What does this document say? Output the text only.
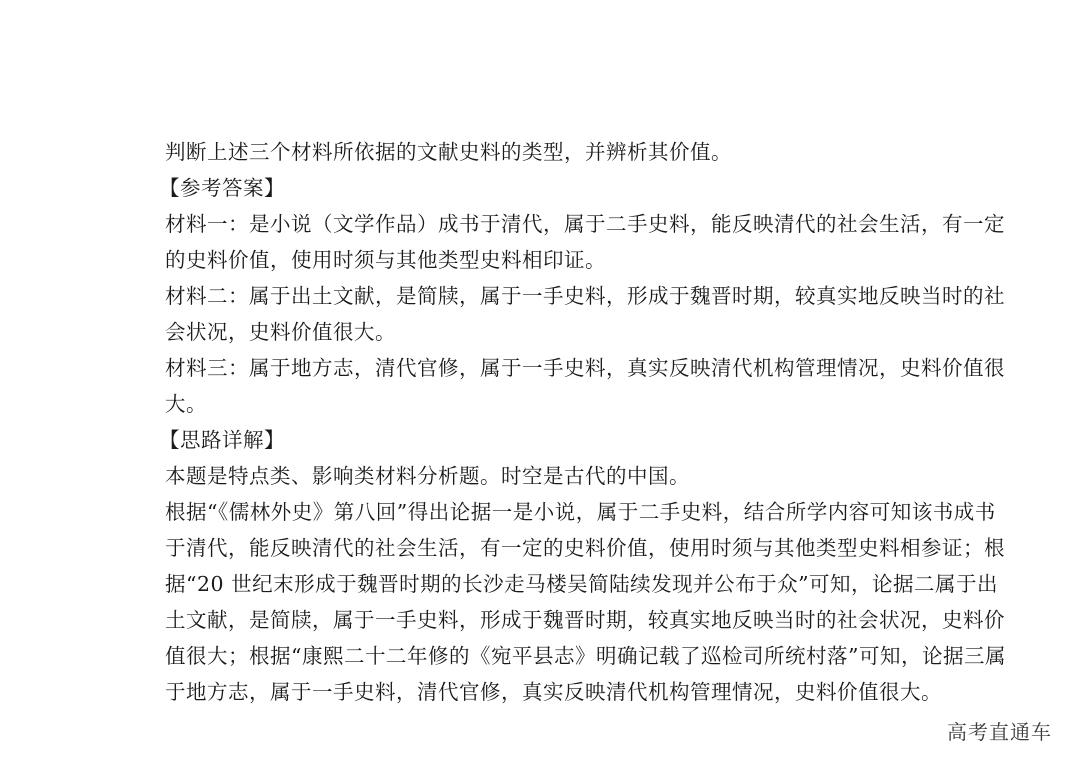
判断上述三个材料所依据的文献史料的类型，并辨析其价值。
【参考答案】
材料一：是小说（文学作品）成书于清代，属于二手史料，能反映清代的社会生活，有一定
的史料价值，使用时须与其他类型史料相印证。
材料二：属于出土文献，是简牍，属于一手史料，形成于魏晋时期，较真实地反映当时的社
会状况，史料价值很大。
材料三：属于地方志，清代官修，属于一手史料，真实反映清代机构管理情况，史料价值很
大。
【思路详解】
本题是特点类、影响类材料分析题。时空是古代的中国。
根据“《儒林外史》第八回”得出论据一是小说，属于二手史料，结合所学内容可知该书成书
于清代，能反映清代的社会生活，有一定的史料价值，使用时须与其他类型史料相参证；根
据“20 世纪末形成于魏晋时期的长沙走马楼吴简陆续发现并公布于众”可知，论据二属于出
土文献，是简牍，属于一手史料，形成于魏晋时期，较真实地反映当时的社会状况，史料价
值很大；根据“康熙二十二年修的《宛平县志》明确记载了巡检司所统村落”可知，论据三属
于地方志，属于一手史料，清代官修，真实反映清代机构管理情况，史料价值很大。
高考直通车
